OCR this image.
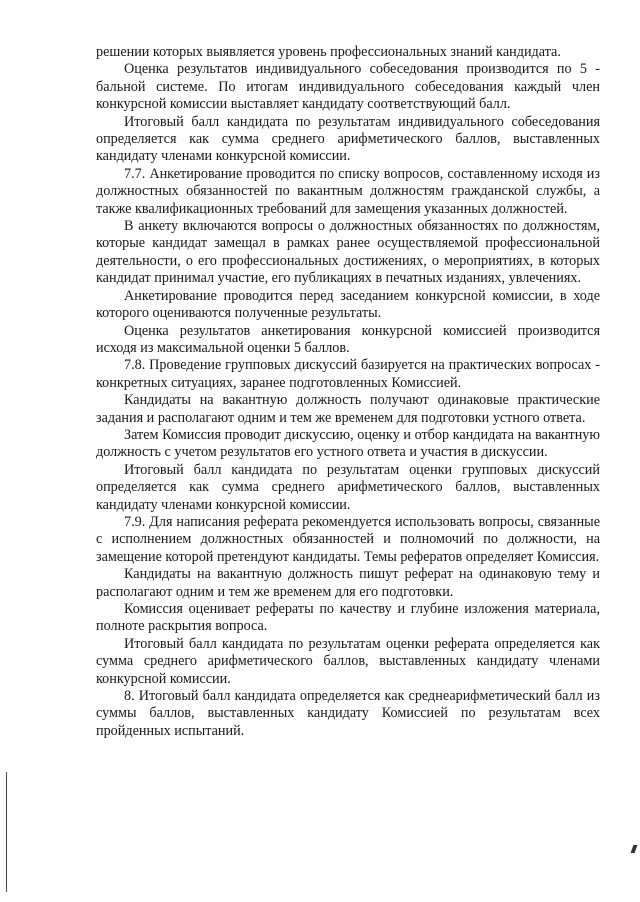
решении которых выявляется уровень профессиональных знаний кандидата.

Оценка результатов индивидуального собеседования производится по 5 - бальной системе. По итогам индивидуального собеседования каждый член конкурсной комиссии выставляет кандидату соответствующий балл.

Итоговый балл кандидата по результатам индивидуального собеседования определяется как сумма среднего арифметического баллов, выставленных кандидату членами конкурсной комиссии.

7.7. Анкетирование проводится по списку вопросов, составленному исходя из должностных обязанностей по вакантным должностям гражданской службы, а также квалификационных требований для замещения указанных должностей.

В анкету включаются вопросы о должностных обязанностях по должностям, которые кандидат замещал в рамках ранее осуществляемой профессиональной деятельности, о его профессиональных достижениях, о мероприятиях, в которых кандидат принимал участие, его публикациях в печатных изданиях, увлечениях.

Анкетирование проводится перед заседанием конкурсной комиссии, в ходе которого оцениваются полученные результаты.

Оценка результатов анкетирования конкурсной комиссией производится исходя из максимальной оценки 5 баллов.

7.8. Проведение групповых дискуссий базируется на практических вопросах - конкретных ситуациях, заранее подготовленных Комиссией.

Кандидаты на вакантную должность получают одинаковые практические задания и располагают одним и тем же временем для подготовки устного ответа.

Затем Комиссия проводит дискуссию, оценку и отбор кандидата на вакантную должность с учетом результатов его устного ответа и участия в дискуссии.

Итоговый балл кандидата по результатам оценки групповых дискуссий определяется как сумма среднего арифметического баллов, выставленных кандидату членами конкурсной комиссии.

7.9. Для написания реферата рекомендуется использовать вопросы, связанные с исполнением должностных обязанностей и полномочий по должности, на замещение которой претендуют кандидаты. Темы рефератов определяет Комиссия.

Кандидаты на вакантную должность пишут реферат на одинаковую тему и располагают одним и тем же временем для его подготовки.

Комиссия оценивает рефераты по качеству и глубине изложения материала, полноте раскрытия вопроса.

Итоговый балл кандидата по результатам оценки реферата определяется как сумма среднего арифметического баллов, выставленных кандидату членами конкурсной комиссии.

8. Итоговый балл кандидата определяется как среднеарифметический балл из суммы баллов, выставленных кандидату Комиссией по результатам всех пройденных испытаний.
